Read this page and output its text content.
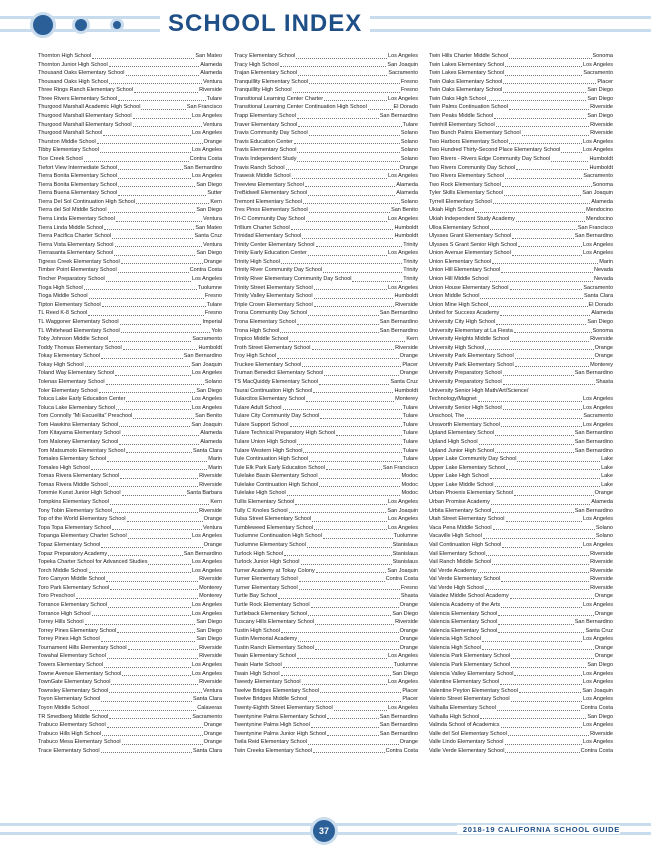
SCHOOL INDEX
Thornton High School	San Mateo
Thornton Junior High School	Alameda
Thousand Oaks Elementary School	Alameda
Thousand Oaks High School	Ventura
Three Rings Ranch Elementary School	Riverside
Three Rivers Elementary School	Tulare
Thurgood Marshall Academic High School	San Francisco
Thurgood Marshall Elementary School	Los Angeles
Thurgood Marshall Elementary School	Ventura
Thurgood Marshall School	Los Angeles
Thurston Middle School	Orange
Tibby Elementary School	Los Angeles
Tice Creek School	Contra Costa
Tiefort View Intermediate School	San Bernardino
Tierra Bonita Elementary School	Los Angeles
Tierra Bonita Elementary School	San Diego
Tierra Buena Elementary School	Sutter
Tierra Del Sol Continuation High School	Kern
Tierra del Sol Middle School	San Diego
Tierra Linda Elementary School	Ventura
Tierra Linda Middle School	San Mateo
Tierra Pacifica Charter School	Santa Cruz
Tierra Vista Elementary School	Ventura
Tierrasanta Elementary School	San Diego
Tigress Creek Elementary School	Orange
Timber Point Elementary School	Contra Costa
Tincher Preparatory School	Los Angeles
Tioga High School	Tuolumne
Tioga Middle School	Fresno
Tipton Elementary School	Tulare
TL Reed K-8 School	Fresno
TL Waggoner Elementary School	Imperial
TL Whitehead Elementary School	Yolo
Toby Johnson Middle School	Sacramento
Toddy Thomas Elementary School	Humboldt
Tokay Elementary School	San Bernardino
Tokay High School	San Joaquin
Toland Way Elementary School	Los Angeles
Tolenas Elementary School	Solano
Toler Elementary School	San Diego
Toluca Lake Early Education Center	Los Angeles
Toluca Lake Elementary School	Los Angeles
Tom Connolly "Mi Escuelita" Preschool	San Benito
Tom Hawkins Elementary School	San Joaquin
Tom Kitayama Elementary School	Alameda
Tom Maloney Elementary School	Alameda
Tom Matsumoto Elementary School	Santa Clara
Tomales Elementary School	Marin
Tomales High School	Marin
Tomas Rivera Elementary School	Riverside
Tomas Rivera Middle School	Riverside
Tommie Kunst Junior High School	Santa Barbara
Tompkins Elementary School	Kern
Tony Tobin Elementary School	Riverside
Top of the World Elementary School	Orange
Topa Topa Elementary School	Ventura
Topanga Elementary Charter School	Los Angeles
Topaz Elementary School	Orange
Topaz Preparatory Academy	San Bernardino
Topeka Charter School for Advanced Studies	Los Angeles
Torch Middle School	Los Angeles
Toro Canyon Middle School	Riverside
Toro Park Elementary School	Monterey
Toro Preschool	Monterey
Torrance Elementary School	Los Angeles
Torrance High School	Los Angeles
Torrey Hills School	San Diego
Torrey Pines Elementary School	San Diego
Torrey Pines High School	San Diego
Tournament Hills Elementary School	Riverside
Towahal Elementary School	Riverside
Towers Elementary School	Los Angeles
Towne Avenue Elementary School	Los Angeles
TownGate Elementary School	Riverside
Townsley Elementary School	Ventura
Toyon Elementary School	Santa Clara
Toyon Middle School	Calaveras
TR Smedberg Middle School	Sacramento
Trabuco Elementary School	Orange
Trabuco Hills High School	Orange
Trabuco Mesa Elementary School	Orange
Trace Elementary School	Santa Clara
Tracy Elementary School	Los Angeles
Tracy High School	San Joaquin
Trajan Elementary School	Sacramento
Tranquillity Elementary School	Fresno
Tranquillity High School	Fresno
Transitional Learning Center Charter	Los Angeles
Transitional Learning Center Continuation High School	El Dorado
Trapp Elementary School	San Bernardino
Traver Elementary School	Tulare
Travis Community Day School	Solano
Travis Education Center	Solano
Travis Elementary School	Solano
Travis Independent Study	Solano
Travis Ranch School	Orange
Trawesk Middle School	Los Angeles
Treeview Elementary School	Alameda
TreBidwell Elementary School	Alameda
Tremont Elementary School	Solano
Tres Pinos Elementary School	San Benito
Tri-C Community Day School	Los Angeles
Trillium Charter School	Humboldt
Trinidad Elementary School	Humboldt
Trinity Center Elementary School	Trinity
Trinity Early Education Center	Los Angeles
Trinity High School	Trinity
Trinity River Community Day School	Trinity
Trinity River Elementary Community Day School	Trinity
Trinity Street Elementary School	Los Angeles
Trinity Valley Elementary School	Humboldt
Triple Crown Elementary School	Riverside
Trona Community Day School	San Bernardino
Trona Elementary School	San Bernardino
Trona High School	San Bernardino
Tropico Middle School	Kern
Troth Street Elementary School	Riverside
Troy High School	Orange
Truckee Elementary School	Placer
Truman Benedict Elementary School	Orange
TS MacQuiddy Elementary School	Santa Cruz
Tsurai Continuation High School	Humboldt
Tularcitos Elementary School	Monterey
Tulare Adult School	Tulare
Tulare City Community Day School	Tulare
Tulare Support School	Tulare
Tulare Technical Preparatory High School	Tulare
Tulare Union High School	Tulare
Tulare Western High School	Tulare
Tule Continuation High School	Tulare
Tule Elk Park Early Education School	San Francisco
Tulelake Basin Elementary School	Modoc
Tulelake Continuation High School	Modoc
Tulelake High School	Modoc
Tullis Elementary School	Los Angeles
Tully C Knoles School	San Joaquin
Tulsa Street Elementary School	Los Angeles
Tumbleweed Elementary School	Los Angeles
Tuolumne Continuation High School	Tuolumne
Tuolumne Elementary School	Stanislaus
Turlock High School	Stanislaus
Turlock Junior High School	Stanislaus
Turner Academy at Tokay Colony	San Joaquin
Turner Elementary School	Contra Costa
Turner Elementary School	Fresno
Turtle Bay School	Shasta
Turtle Rock Elementary School	Orange
Turtleback Elementary School	San Diego
Tuscany Hills Elementary School	Riverside
Tustin High School	Orange
Tustin Memorial Academy	Orange
Tustin Ranch Elementary School	Orange
Twain Elementary School	Los Angeles
Twain Harte School	Tuolumne
Twain High School	San Diego
Tweedy Elementary School	Los Angeles
Twelve Bridges Elementary School	Placer
Twelve Bridges Middle School	Placer
Twenty-Eighth Street Elementary School	Los Angeles
Twentynine Palms Elementary School	San Bernardino
Twentynine Palms High School	San Bernardino
Twentynine Palms Junior High School	San Bernardino
Twila Reid Elementary School	Orange
Twin Creeks Elementary School	Contra Costa
Twin Hills Charter Middle School	Sonoma
Twin Lakes Elementary School	Los Angeles
Twin Lakes Elementary School	Sacramento
Twin Oaks Elementary School	Placer
Twin Oaks Elementary School	San Diego
Twin Oaks High School	San Diego
Twin Palms Continuation School	Riverside
Twin Peaks Middle School	San Diego
Twinhill Elementary School	Riverside
Two Bunch Palms Elementary School	Riverside
Two Harbors Elementary School	Los Angeles
Two Hundred Thirty-Second Place Elementary School	Los Angeles
Two Rivers - Rivers Edge Community Day School	Humboldt
Two Rivers Community Day School	Humboldt
Two Rivers Elementary School	Sacramento
Two Rock Elementary School	Sonoma
Tyler Skills Elementary School	San Joaquin
Tyrrell Elementary School	Alameda
Ukiah High School	Mendocino
Ukiah Independent Study Academy	Mendocino
Ulloa Elementary School	San Francisco
Ulysses Grant Elementary School	San Bernardino
Ulysses S Grant Senior High School	Los Angeles
Union Avenue Elementary School	Los Angeles
Union Elementary School	Marin
Union Hill Elementary School	Nevada
Union Hill Middle School	Nevada
Union House Elementary School	Sacramento
Union Middle School	Santa Clara
Union Mine High School	El Dorado
United for Success Academy	Alameda
University City High School	San Diego
University Elementary at La Fiesta	Sonoma
University Heights Middle School	Riverside
University High School	Orange
University Park Elementary School	Orange
University Park Elementary School	Monterey
University Preparatory School	San Bernardino
University Preparatory School	Shasta
University Senior High Math/Art/Science/
Technology/Magnet	Los Angeles
University Senior High School	Los Angeles
Unschool, The	Sacramento
Unsworth Elementary School	Los Angeles
Upland Elementary School	San Bernardino
Upland High School	San Bernardino
Upland Junior High School	San Bernardino
Upper Lake Community Day School	Lake
Upper Lake Elementary School	Lake
Upper Lake High School	Lake
Upper Lake Middle School	Lake
Urban Phoenix Elementary School	Orange
Urban Promise Academy	Alameda
Urbita Elementary School	San Bernardino
Utah Street Elementary School	Los Angeles
Vaca Pena Middle School	Solano
Vacaville High School	Solano
Vail Continuation High School	Los Angeles
Vail Elementary School	Riverside
Vail Ranch Middle School	Riverside
Val Verde Academy	Riverside
Val Verde Elementary School	Riverside
Val Verde High School	Riverside
Valadez Middle School Academy	Orange
Valencia Academy of the Arts	Los Angeles
Valencia Elementary School	Orange
Valencia Elementary School	San Bernardino
Valencia Elementary School	Santa Cruz
Valencia High School	Los Angeles
Valencia High School	Orange
Valencia Park Elementary School	Orange
Valencia Park Elementary School	San Diego
Valencia Valley Elementary School	Los Angeles
Valentine Elementary School	Los Angeles
Valentine Peyton Elementary School	San Joaquin
Valerio Street Elementary School	Los Angeles
Valhalla Elementary School	Contra Costa
Valhalla High School	San Diego
Valinda School of Academics	Los Angeles
Valle del Sol Elementary School	Riverside
Valle Lindo Elementary School	Los Angeles
Valle Verde Elementary School	Contra Costa
37	2018-19 CALIFORNIA SCHOOL GUIDE
